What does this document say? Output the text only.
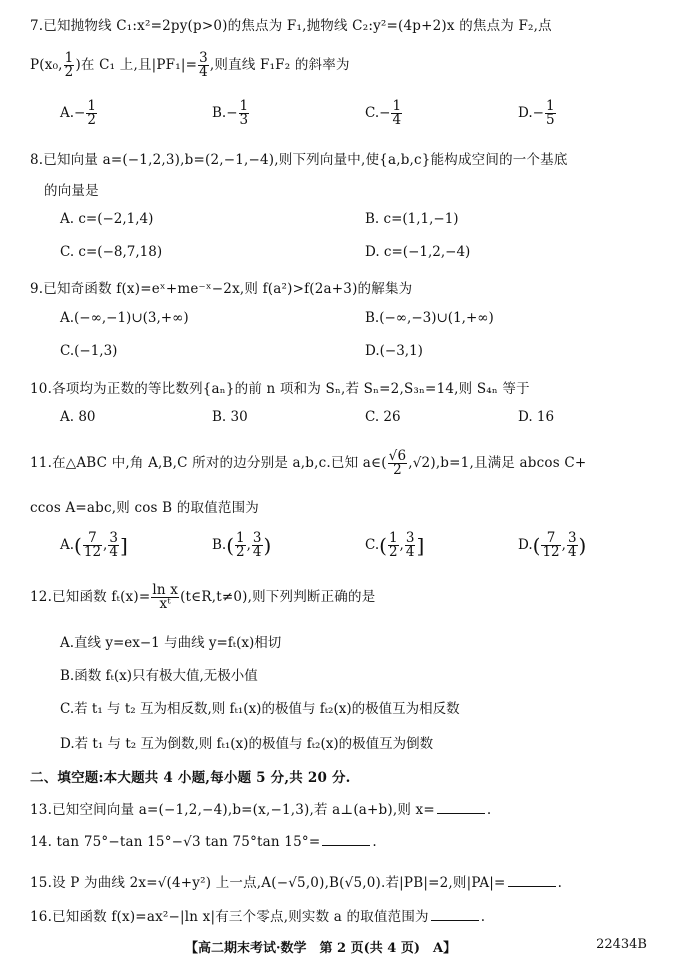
7.已知抛物线 C₁:x²=2py(p>0)的焦点为 F₁,抛物线 C₂:y²=(4p+2)x 的焦点为 F₂,点
P(x₀, $\frac{1}{2}$ )在 C₁ 上,且$|PF_1|= \frac{3}{4}$ ,则直线 F₁F₂ 的斜率为
$A.- \frac{1}{2}$	$B.- \frac{1}{3}$	$C.- \frac{1}{4}$	$D.- \frac{1}{5}$
8.已知向量 a=(−1,2,3),b=(2,−1,−4),则下列向量中,使{a,b,c}能构成空间的一个基底
的向量是
A. c=(−2,1,4)	B. c=(1,1,−1)
C. c=(−8,7,18)	D. c=(−1,2,−4)
9.已知奇函数 f(x)=eˣ+me⁻ˣ−2x,则 f(a²)>f(2a+3)的解集为
A.(−∞,−1)∪(3,+∞)	B.(−∞,−3)∪(1,+∞)
C.(−1,3)	D.(−3,1)
10.各项均为正数的等比数列{aₙ}的前 n 项和为 Sₙ,若 Sₙ=2,S₃ₙ=14,则 S₄ₙ 等于
A. 80	B. 30	C. 26	D. 16
11.在△ABC 中,角 A,B,C 所对的边分别是 a,b,c.已知 a∈( $\frac{√6}{2} ,√2),b=1$,且满足 abcos C+
ccos A=abc,则 cos B 的取值范围为
$A.( \frac{7}{12}$ , $\frac{3}{4}$ ]	$B.( \frac{1}{2}$ , $\frac{3}{4}$ )	$C.( \frac{1}{2}$ , $\frac{3}{4}$ ]	$D.( \frac{7}{12}$ , $\frac{3}{4}$ )
12.已知函数 $f_t(x)= \frac{\text{ln x}}{\text{xᵗ}}$ (t∈R,t≠0),则下列判断正确的是
A.直线 y=ex−1 与曲线 y=fₜ(x)相切
B.函数 fₜ(x)只有极大值,无极小值
C.若 t₁ 与 t₂ 互为相反数,则 fₜ₁(x)的极值与 fₜ₂(x)的极值互为相反数
D.若 t₁ 与 t₂ 互为倒数,则 fₜ₁(x)的极值与 fₜ₂(x)的极值互为倒数
二、填空题:本大题共 4 小题,每小题 5 分,共 20 分.
13.已知空间向量 a=(−1,2,−4),b=(x,−1,3),若 a⊥(a+b),则 x=	.
14. tan 75°−tan 15°−√3 tan 75°tan 15°=	.
15.设 P 为曲线 2x=√(4+y²) 上一点,A(−√5,0),B(√5,0).若|PB|=2,则|PA|=	.
16.已知函数 f(x)=ax²−|ln x|有三个零点,则实数 a 的取值范围为	.
【高二期末考试·数学　第 2 页(共 4 页)　A】	22434B
